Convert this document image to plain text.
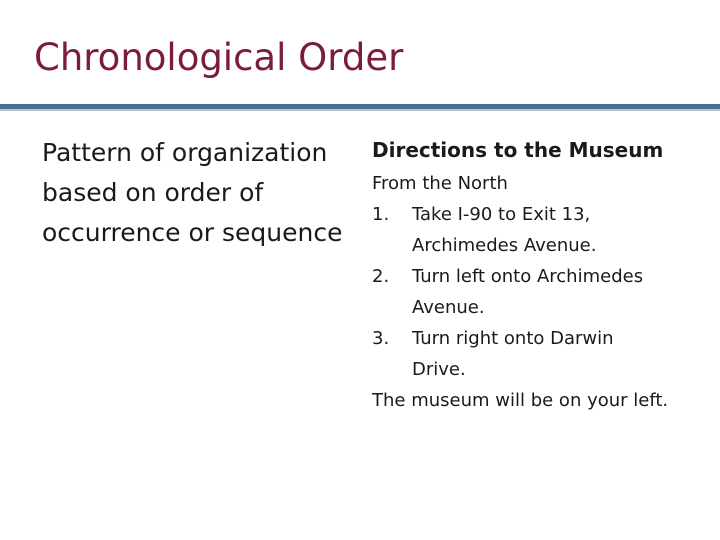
Chronological Order
Pattern of organization based on order of occurrence or sequence
Directions to the Museum
From the North
1.	Take I-90 to Exit 13,
Archimedes Avenue.
2.	Turn left onto Archimedes
Avenue.
3.	Turn right onto Darwin
Drive.
The museum will be on your left.
